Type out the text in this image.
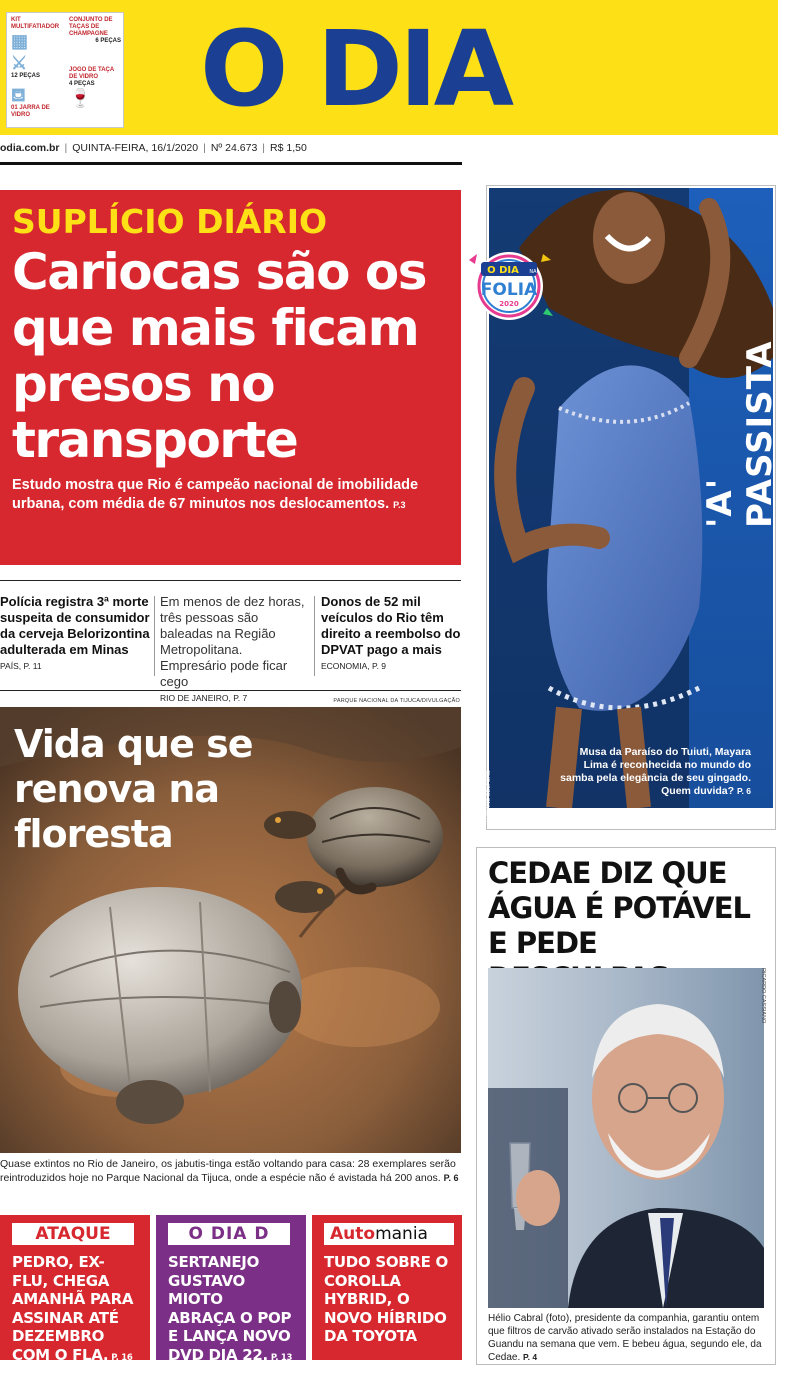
KIT MULTIFATIADOR
▦
CONJUNTO DE TAÇAS DE CHAMPAGNE
6 PEÇAS
⚔
12 PEÇAS
JOGO DE TAÇA DE VIDRO
4 PEÇAS
🍷
⛾
01 JARRA DE VIDRO O DIA
odia.com.br | QUINTA-FEIRA, 16/1/2020 | Nº 24.673 | R$ 1,50
SUPLÍCIO DIÁRIO
Cariocas são os que mais ficam presos no transporte
Estudo mostra que Rio é campeão nacional de imobilidade urbana, com média de 67 minutos nos deslocamentos. P.3
Polícia registra 3ª morte suspeita de consumidor da cerveja Belorizontina adulterada em Minas
PAÍS, P. 11
Em menos de dez horas, três pessoas são baleadas na Região Metropolitana. Empresário pode ficar cego
RIO DE JANEIRO, P. 7
Donos de 52 mil veículos do Rio têm direito a reembolso do DPVAT pago a mais
ECONOMIA, P. 9
PARQUE NACIONAL DA TIJUCA/DIVULGAÇÃO
Vida que se renova na floresta
Quase extintos no Rio de Janeiro, os jabutis-tinga estão voltando para casa: 28 exemplares serão reintroduzidos hoje no Parque Nacional da Tijuca, onde a espécie não é avistada há 200 anos. P. 6
ATAQUE
PEDRO, EX-FLU, CHEGA AMANHÃ PARA ASSINAR ATÉ DEZEMBRO COM O FLA. P. 16
O DIA D
SERTANEJO GUSTAVO MIOTO ABRAÇA O POP E LANÇA NOVO DVD DIA 22. P. 13
Automania
TUDO SOBRE O COROLLA HYBRID, O NOVO HÍBRIDO DA TOYOTA
O DIA NA
FOLIA
2020
'A' PASSISTA
LUCIANO BELFORD
Musa da Paraíso do Tuiuti, Mayara Lima é reconhecida no mundo do samba pela elegância de seu gingado. Quem duvida? P. 6
CEDAE DIZ QUE ÁGUA É POTÁVEL E PEDE
RICARDO CASSIANO
Hélio Cabral (foto), presidente da companhia, garantiu ontem que filtros de carvão ativado serão instalados na Estação do Guandu na semana que vem. E bebeu água, segundo ele, da Cedae. P. 4
